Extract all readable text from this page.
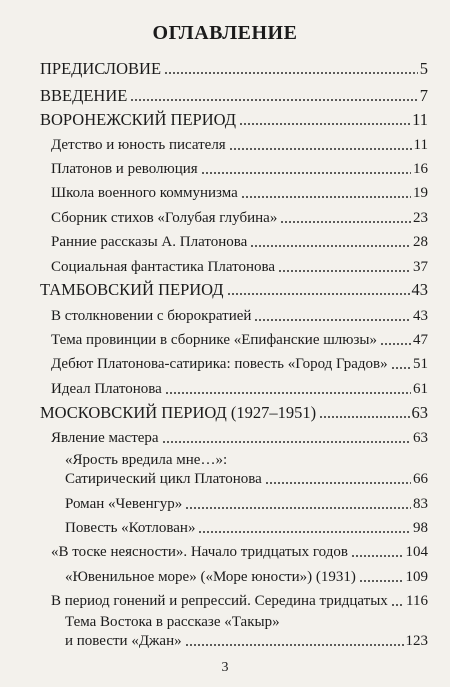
ОГЛАВЛЕНИЕ
ПРЕДИСЛОВИЕ	5
ВВЕДЕНИЕ	7
ВОРОНЕЖСКИЙ ПЕРИОД	11
Детство и юность писателя	11
Платонов и революция	16
Школа военного коммунизма	19
Сборник стихов «Голубая глубина»	23
Ранние рассказы А. Платонова	28
Социальная фантастика Платонова	37
ТАМБОВСКИЙ ПЕРИОД	43
В столкновении с бюрократией	43
Тема провинции в сборнике «Епифанские шлюзы» 47
Дебют Платонова-сатирика: повесть «Город Градов» 51
Идеал Платонова	61
МОСКОВСКИЙ ПЕРИОД (1927–1951)	63
Явление мастера	63
«Ярость вредила мне…»:
Сатирический цикл Платонова	66
Роман «Чевенгур»	83
Повесть «Котлован»	98
«В тоске неясности». Начало тридцатых годов	104
«Ювенильное море» («Море юности») (1931)	109
В период гонений и репрессий. Середина тридцатых 116
Тема Востока в рассказе «Такыр»
и повести «Джан»	123
3
